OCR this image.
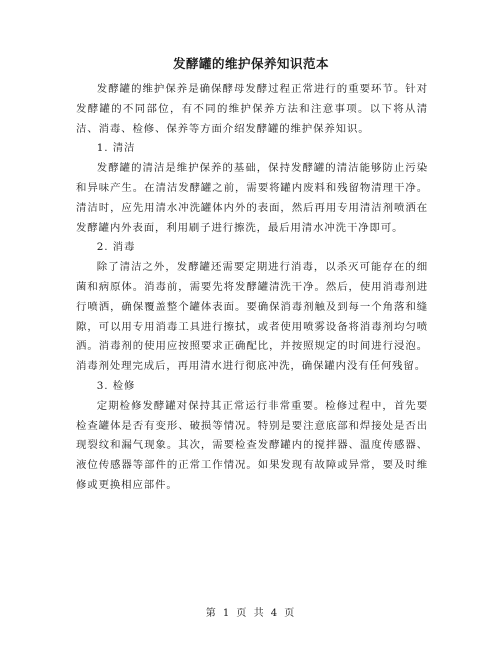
发酵罐的维护保养知识范本

发酵罐的维护保养是确保酵母发酵过程正常进行的重要环节。针对发酵罐的不同部位，有不同的维护保养方法和注意事项。以下将从清洁、消毒、检修、保养等方面介绍发酵罐的维护保养知识。

1. 清洁

发酵罐的清洁是维护保养的基础，保持发酵罐的清洁能够防止污染和异味产生。在清洁发酵罐之前，需要将罐内废料和残留物清理干净。清洁时，应先用清水冲洗罐体内外的表面，然后再用专用清洁剂喷洒在发酵罐内外表面，利用刷子进行擦洗，最后用清水冲洗干净即可。

2. 消毒

除了清洁之外，发酵罐还需要定期进行消毒，以杀灭可能存在的细菌和病原体。消毒前，需要先将发酵罐清洗干净。然后，使用消毒剂进行喷洒，确保覆盖整个罐体表面。要确保消毒剂触及到每一个角落和缝隙，可以用专用消毒工具进行擦拭，或者使用喷雾设备将消毒剂均匀喷洒。消毒剂的使用应按照要求正确配比，并按照规定的时间进行浸泡。消毒剂处理完成后，再用清水进行彻底冲洗，确保罐内没有任何残留。

3. 检修

定期检修发酵罐对保持其正常运行非常重要。检修过程中，首先要检查罐体是否有变形、破损等情况。特别是要注意底部和焊接处是否出现裂纹和漏气现象。其次，需要检查发酵罐内的搅拌器、温度传感器、液位传感器等部件的正常工作情况。如果发现有故障或异常，要及时维修或更换相应部件。

第 1 页 共 4 页
